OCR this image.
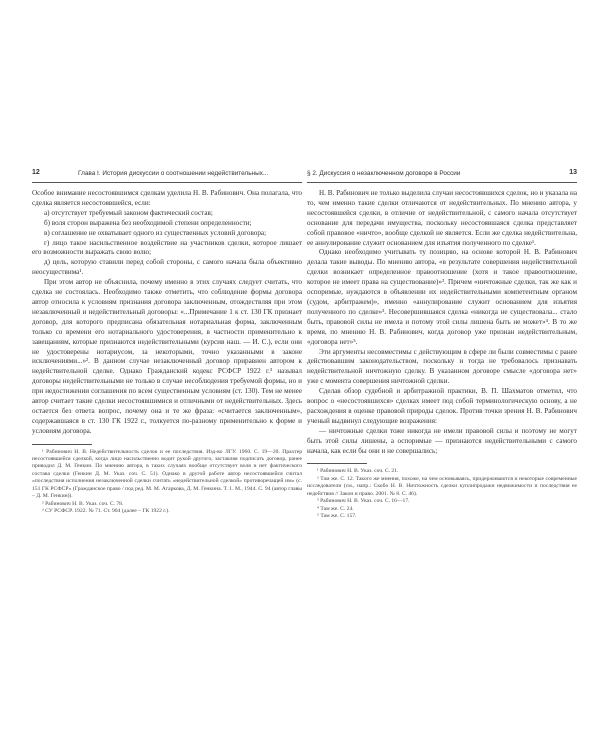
12	Глава I. История дискуссии о соотношении недействительных...

Особое внимание несостоявшимся сделкам уделила Н. В. Рабинович. Она полагала, что сделка является несостоявшейся, если:

а) отсутствует требуемый законом фактический состав;

б) воля сторон выражена без необходимой степени определенности;

в) соглашение не охватывает одного из существенных условий договора;

г) лицо такое насильственное воздействие на участников сделки, которое лишает его возможности выражать свою волю;

д) цель, которую ставили перед собой стороны, с самого начала была объективно неосуществима¹.

При этом автор не объяснила, почему именно в этих случаях следует считать, что сделка не состоялась. Необходимо также отметить, что соблюдение формы договора автор относила к условиям признания договора заключенным, отождествляя при этом незаключенный и недействительный договоры: «...Примечание 1 к ст. 130 ГК признает договор, для которого предписана обязательная нотариальная форма, заключенным только со времени его нотариального удостоверения, в частности применительно к завещаниям, которые признаются недействительными (курсив наш. — И. С.), если они не удостоверены нотариусом, за некоторыми, точно указанными в законе исключениями...»². В данном случае незаключенный договор приравнен автором к недействительной сделке. Однако Гражданский кодекс РСФСР 1922 г.³ называл договоры недействительными не только в случае несоблюдения требуемой формы, но и при недостижении соглашения по всем существенным условиям (ст. 130). Тем не менее автор считает такие сделки несостоявшимися и отличными от недействительных. Здесь остается без ответа вопрос, почему она и те же фраза: «считается заключенным», содержавшаяся в ст. 130 ГК 1922 г., толкуется по-разному применительно к форме и условиям договора.

¹ Рабинович Н. В. Недействительность сделок и ее последствия. Изд-во ЛГУ. 1960. С. 19—20. Прахтер несостоявшейся сделкой, когда лицо насильственно водит рукой другого, заставляя подписать договор, ранее приводил Д. М. Генкин. По мнению автора, в таких случаях вообще отсутствует воля и нет фактического состава сделки (Генкин Д. М. Указ. соч. С. 51). Однако в другой работе автор несостоявшейся считал «последствия исполнения незаключенной сделки считать «недействительной сделкой» противоречащей им» (с. 151 ГК РСФСР» (Гражданское право / под ред. М. М. Агаркова, Д. М. Генкина. Т. 1. М., 1944. С. 94 (автор главы – Д. М. Генкин)).

² Рабинович Н. В. Указ. соч. С. 78.

³ СУ РСФСР. 1922. № 71. Ст. 904 (далее – ГК 1922 г.).

§ 2. Дискуссия о незаключенном договоре в России	13

Н. В. Рабинович не только выделила случаи несостоявшихся сделок, но и указала на то, чем именно такие сделки отличаются от недействительных. По мнению автора, у несостоявшейся сделки, в отличие от недействительной, с самого начала отсутствует основание для передачи имущества, поскольку несостоявшаяся сделка представляет собой правовое «ничто», вообще сделкой не является. Если же сделка недействительна, ее аннулирование служит основанием для изъятия полученного по сделке¹.

Однако необходимо учитывать ту позицию, на основе которой Н. В. Рабинович делала такие выводы. По мнению автора, «в результате совершения недействительной сделки возникает определенное правоотношение (хотя и такое правоотношение, которое не имеет права на существование)»². Причем «ничтожные сделки, так же как и оспоримые, нуждаются в объявлении их недействительными компетентным органом (судом, арбитражем)», именно «аннулирование служит основанием для изъятия полученного по сделке»³. Несовершившаяся сделка «никогда не существовала... стало быть, правовой силы не имела и потому этой силы лишена быть не может»⁴. В то же время, по мнению Н. В. Рабинович, когда договор уже признан недействительным, «договора нет»⁵.

Эти аргументы несовместимы с действующим в сфере ли были совместимы с ранее действовавшим законодательством, поскольку и тогда не требовалось признавать недействительной ничтожную сделку. В указанном договоре смысле «договора нет» уже с момента совершения ничтожной сделки.

Сделав обзор судебной и арбитражной практики, В. П. Шахматов отметил, что вопрос о «несостоявшихся» сделках имеет под собой терминологическую основу, а не расхождения в оценке правовой природы сделок. Против точки зрения Н. В. Рабинович ученый выдвинул следующие возражения:

— ничтожные сделки тоже никогда не имели правовой силы и поэтому не могут быть этой силы лишены, а оспоримые — признаются недействительными с самого начала, как если бы они и не совершались;

¹ Рабинович Н. В. Указ. соч. С. 21.

² Там же. С. 12. Такого же мнения, похоже, на чем основываясь, придерживаются и некоторые современные исследователи (см., напр.: Скобо Н. В. Ничтожность сделки куплипродажи недвижимости и последствия ее недействия // Закон и право. 2001. № 8. С. 46).

³ Рабинович Н. В. Указ. соч. С. 16—17.

⁴ Там же. С. 24.

⁵ Там же. С. 157.
